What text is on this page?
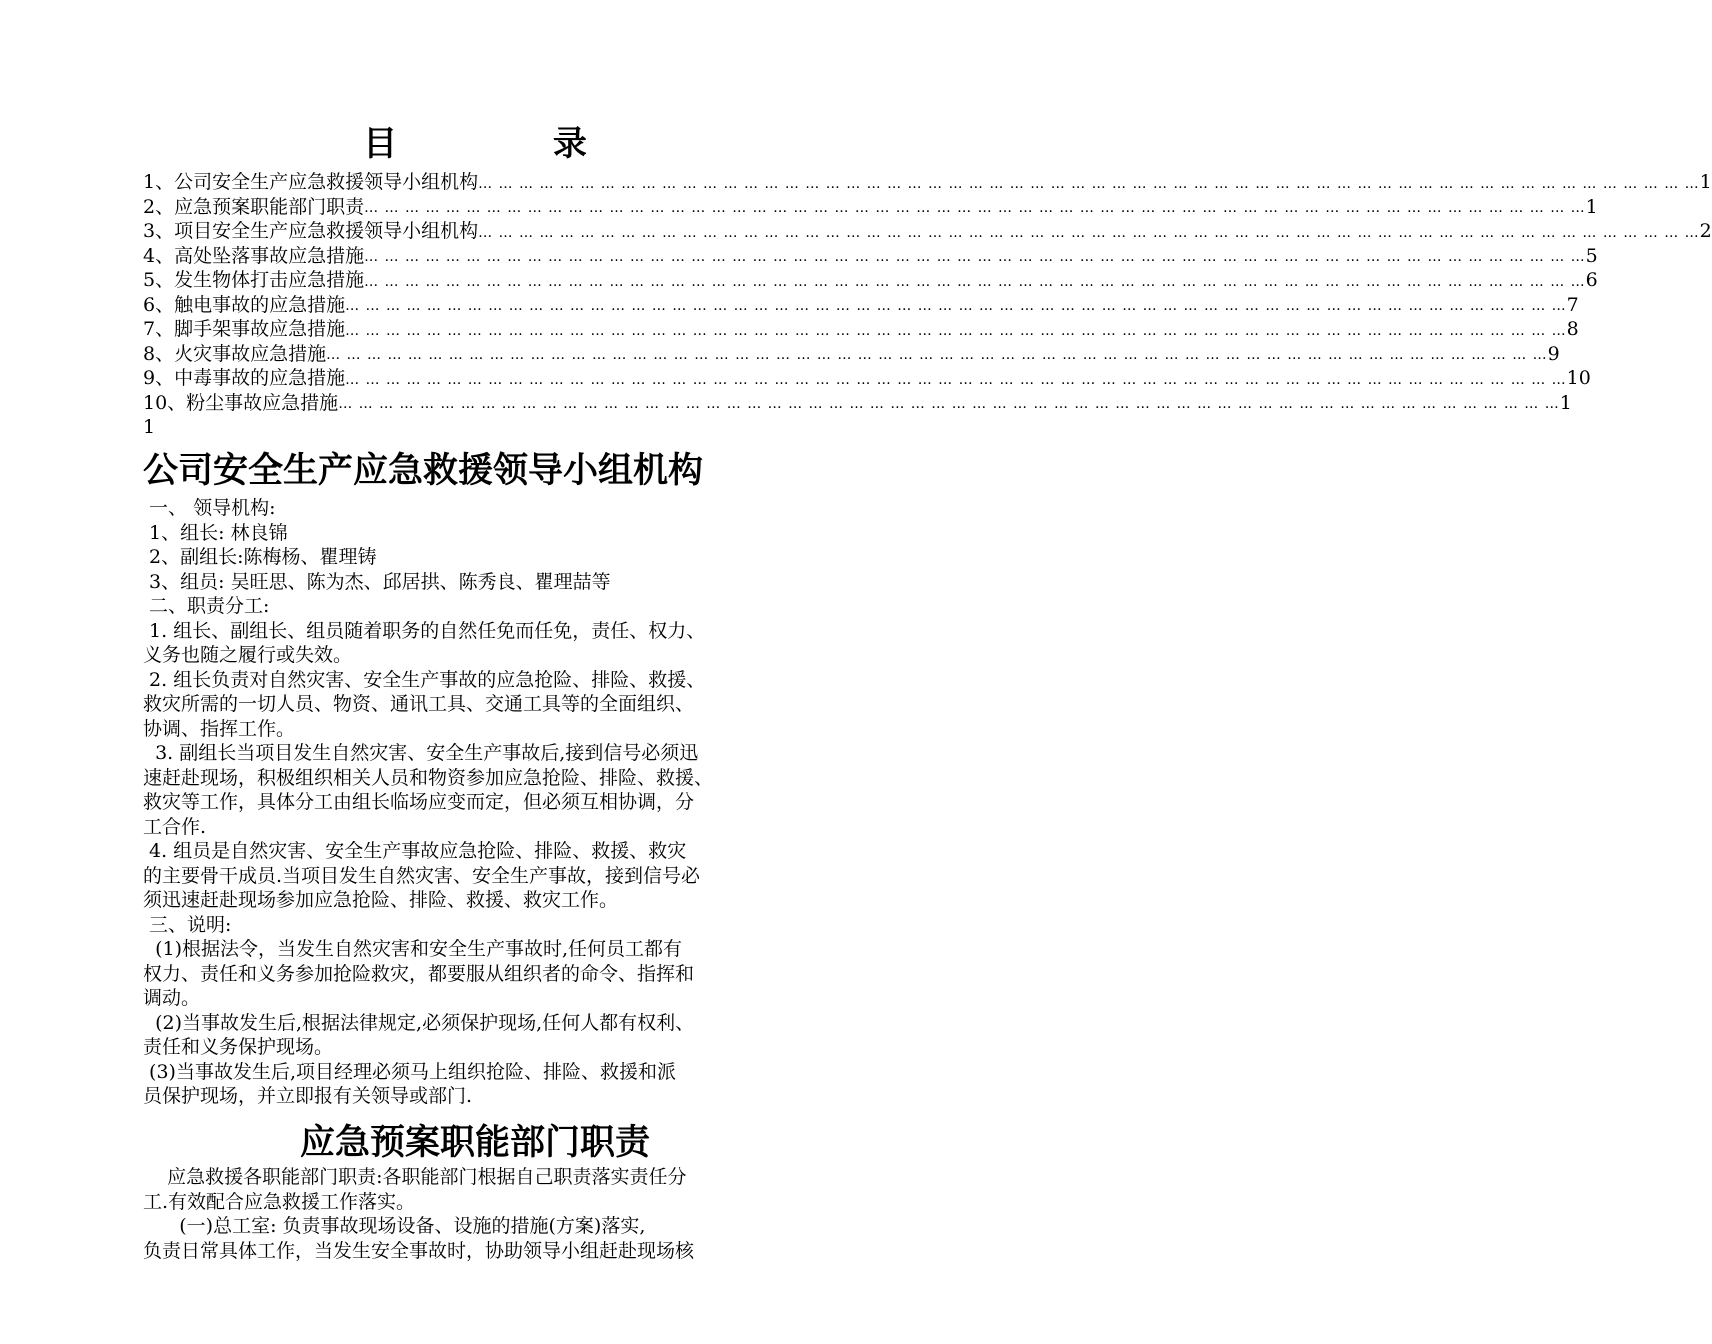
目 录
1、公司安全生产应急救援领导小组机构 … … … … … … … … … … … … … … … … … … … … … … … … … … … … … … … … … … … … … … … … … … … … … … … … … … … … … … … … … … … … 1
2、应急预案职能部门职责 … … … … … … … … … … … … … … … … … … … … … … … … … … … … … … … … … … … … … … … … … … … … … … … … … … … … … … … … … … … … 1
3、项目安全生产应急救援领导小组机构 … … … … … … … … … … … … … … … … … … … … … … … … … … … … … … … … … … … … … … … … … … … … … … … … … … … … … … … … … … … … 2
4、高处坠落事故应急措施 … … … … … … … … … … … … … … … … … … … … … … … … … … … … … … … … … … … … … … … … … … … … … … … … … … … … … … … … … … … … 5
5、发生物体打击应急措施 … … … … … … … … … … … … … … … … … … … … … … … … … … … … … … … … … … … … … … … … … … … … … … … … … … … … … … … … … … … … 6
6、触电事故的应急措施 … … … … … … … … … … … … … … … … … … … … … … … … … … … … … … … … … … … … … … … … … … … … … … … … … … … … … … … … … … … … 7
7、脚手架事故应急措施 … … … … … … … … … … … … … … … … … … … … … … … … … … … … … … … … … … … … … … … … … … … … … … … … … … … … … … … … … … … … 8
8、火灾事故应急措施 … … … … … … … … … … … … … … … … … … … … … … … … … … … … … … … … … … … … … … … … … … … … … … … … … … … … … … … … … … … … 9
9、中毒事故的应急措施 … … … … … … … … … … … … … … … … … … … … … … … … … … … … … … … … … … … … … … … … … … … … … … … … … … … … … … … … … … … … 10
10、粉尘事故应急措施 … … … … … … … … … … … … … … … … … … … … … … … … … … … … … … … … … … … … … … … … … … … … … … … … … … … … … … … … … … … … 1
1
公司安全生产应急救援领导小组机构
一、 领导机构:
1、组长: 林良锦
2、副组长:陈梅杨、瞿理铸
3、组员: 吴旺思、陈为杰、邱居拱、陈秀良、瞿理喆等
二、职责分工:
1. 组长、副组长、组员随着职务的自然任免而任免，责任、权力、
义务也随之履行或失效。
2. 组长负责对自然灾害、安全生产事故的应急抢险、排险、救援、
救灾所需的一切人员、物资、通讯工具、交通工具等的全面组织、
协调、指挥工作。
3. 副组长当项目发生自然灾害、安全生产事故后,接到信号必须迅
速赶赴现场，积极组织相关人员和物资参加应急抢险、排险、救援、
救灾等工作，具体分工由组长临场应变而定，但必须互相协调，分
工合作.
4. 组员是自然灾害、安全生产事故应急抢险、排险、救援、救灾
的主要骨干成员.当项目发生自然灾害、安全生产事故，接到信号必
须迅速赶赴现场参加应急抢险、排险、救援、救灾工作。
三、说明:
(1)根据法令，当发生自然灾害和安全生产事故时,任何员工都有
权力、责任和义务参加抢险救灾，都要服从组织者的命令、指挥和
调动。
(2)当事故发生后,根据法律规定,必须保护现场,任何人都有权利、
责任和义务保护现场。
(3)当事故发生后,项目经理必须马上组织抢险、排险、救援和派
员保护现场，并立即报有关领导或部门.
应急预案职能部门职责
应急救援各职能部门职责:各职能部门根据自己职责落实责任分
工.有效配合应急救援工作落实。
(一)总工室: 负责事故现场设备、设施的措施(方案)落实,
负责日常具体工作，当发生安全事故时，协助领导小组赶赴现场核
